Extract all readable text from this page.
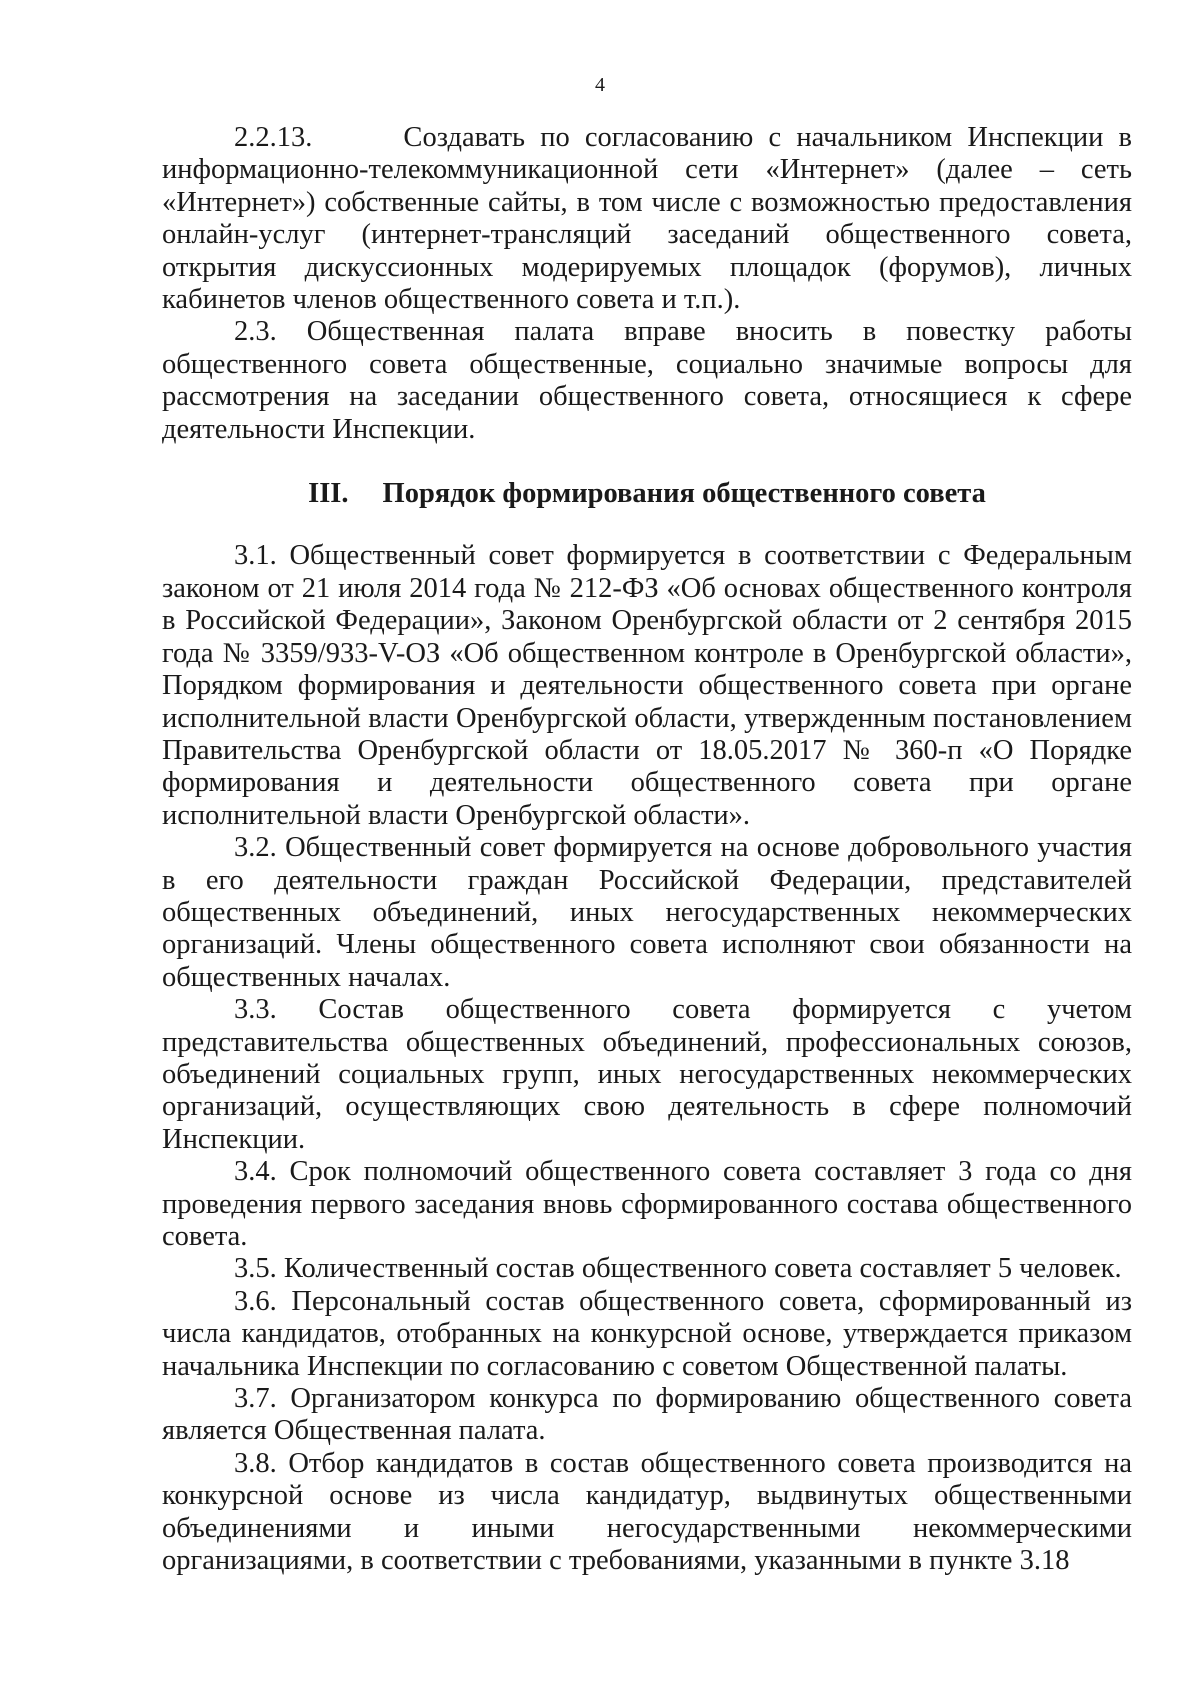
4

2.2.13.      Создавать по согласованию с начальником Инспекции в информационно-телекоммуникационной сети «Интернет» (далее – сеть «Интернет») собственные сайты, в том числе с возможностью предоставления онлайн-услуг (интернет-трансляций заседаний общественного совета, открытия дискуссионных модерируемых площадок (форумов), личных кабинетов членов общественного совета и т.п.).

2.3. Общественная палата вправе вносить в повестку работы общественного совета общественные, социально значимые вопросы для рассмотрения на заседании общественного совета, относящиеся к сфере деятельности Инспекции.

III. Порядок формирования общественного совета

3.1. Общественный совет формируется в соответствии с Федеральным законом от 21 июля 2014 года № 212-ФЗ «Об основах общественного контроля в Российской Федерации», Законом Оренбургской области от 2 сентября 2015 года № 3359/933-V-ОЗ «Об общественном контроле в Оренбургской области», Порядком формирования и деятельности общественного совета при органе исполнительной власти Оренбургской области, утвержденным постановлением Правительства Оренбургской области от 18.05.2017 № 360-п «О Порядке формирования и деятельности общественного совета при органе исполнительной власти Оренбургской области».

3.2. Общественный совет формируется на основе добровольного участия в его деятельности граждан Российской Федерации, представителей общественных объединений, иных негосударственных некоммерческих организаций. Члены общественного совета исполняют свои обязанности на общественных началах.

3.3. Состав общественного совета формируется с учетом представительства общественных объединений, профессиональных союзов, объединений социальных групп, иных негосударственных некоммерческих организаций, осуществляющих свою деятельность в сфере полномочий Инспекции.

3.4. Срок полномочий общественного совета составляет 3 года со дня проведения первого заседания вновь сформированного состава общественного совета.

3.5. Количественный состав общественного совета составляет 5 человек.

3.6. Персональный состав общественного совета, сформированный из числа кандидатов, отобранных на конкурсной основе, утверждается приказом начальника Инспекции по согласованию с советом Общественной палаты.

3.7. Организатором конкурса по формированию общественного совета является Общественная палата.

3.8. Отбор кандидатов в состав общественного совета производится на конкурсной основе из числа кандидатур, выдвинутых общественными объединениями и иными негосударственными некоммерческими организациями, в соответствии с требованиями, указанными в пункте 3.18
